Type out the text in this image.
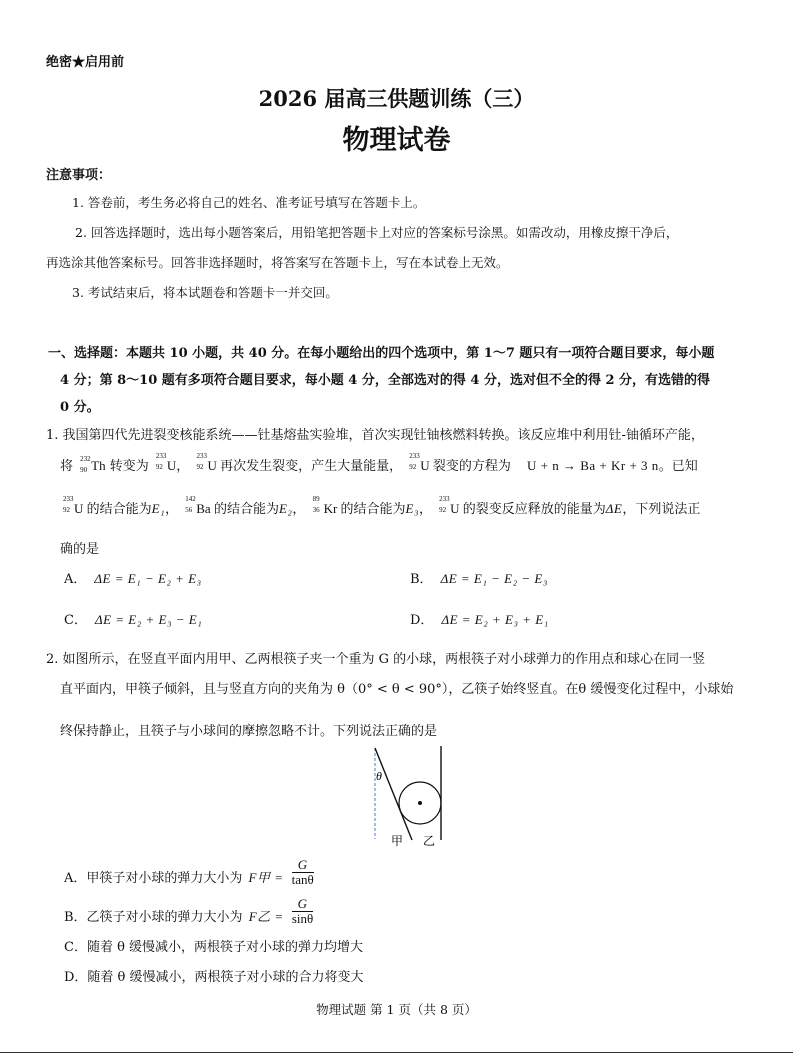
绝密★启用前
2026 届高三供题训练（三）
物理试卷
注意事项：
1. 答卷前，考生务必将自己的姓名、准考证号填写在答题卡上。
2. 回答选择题时，选出每小题答案后，用铅笔把答题卡上对应的答案标号涂黑。如需改动，用橡皮擦干净后，
再选涂其他答案标号。回答非选择题时，将答案写在答题卡上，写在本试卷上无效。
3. 考试结束后，将本试题卷和答题卡一并交回。
一、选择题：本题共 10 小题，共 40 分。在每小题给出的四个选项中，第 1～7 题只有一项符合题目要求，每小题
4 分；第 8～10 题有多项符合题目要求，每小题 4 分，全部选对的得 4 分，选对但不全的得 2 分，有选错的得
0 分。
1. 我国第四代先进裂变核能系统——钍基熔盐实验堆，首次实现钍铀核燃料转换。该反应堆中利用钍-铀循环产能，
将 232
90 Th 转变为
233
92 U，
233
92 U 再次发生裂变，产生大量能量，
233
92 U 裂变的方程为 U + n → Ba + Kr + 3 n。已知
233
92 U 的结合能为E₁，
142
56 Ba 的结合能为E₂，
89
36 Kr 的结合能为E₃，
233
92 U 的裂变反应释放的能量为ΔE，下列说法正
确的是
A． ΔE = E₁ − E₂ + E₃	B． ΔE = E₁ − E₂ − E₃
C． ΔE = E₂ + E₃ − E₁	D． ΔE = E₂ + E₃ + E₁
2. 如图所示，在竖直平面内用甲、乙两根筷子夹一个重为 G 的小球，两根筷子对小球弹力的作用点和球心在同一竖
直平面内，甲筷子倾斜，且与竖直方向的夹角为 θ（0° < θ < 90°），乙筷子始终竖直。在θ 缓慢变化过程中，小球始
终保持静止，且筷子与小球间的摩擦忽略不计。下列说法正确的是
θ
甲 乙
A．甲筷子对小球的弹力大小为 F甲 = $\frac{G}{\tan\theta}$
B．乙筷子对小球的弹力大小为 F乙 = $\frac{G}{\sin\theta}$
C．随着 θ 缓慢减小，两根筷子对小球的弹力均增大
D．随着 θ 缓慢减小，两根筷子对小球的合力将变大
物理试题 第 1 页（共 8 页）
